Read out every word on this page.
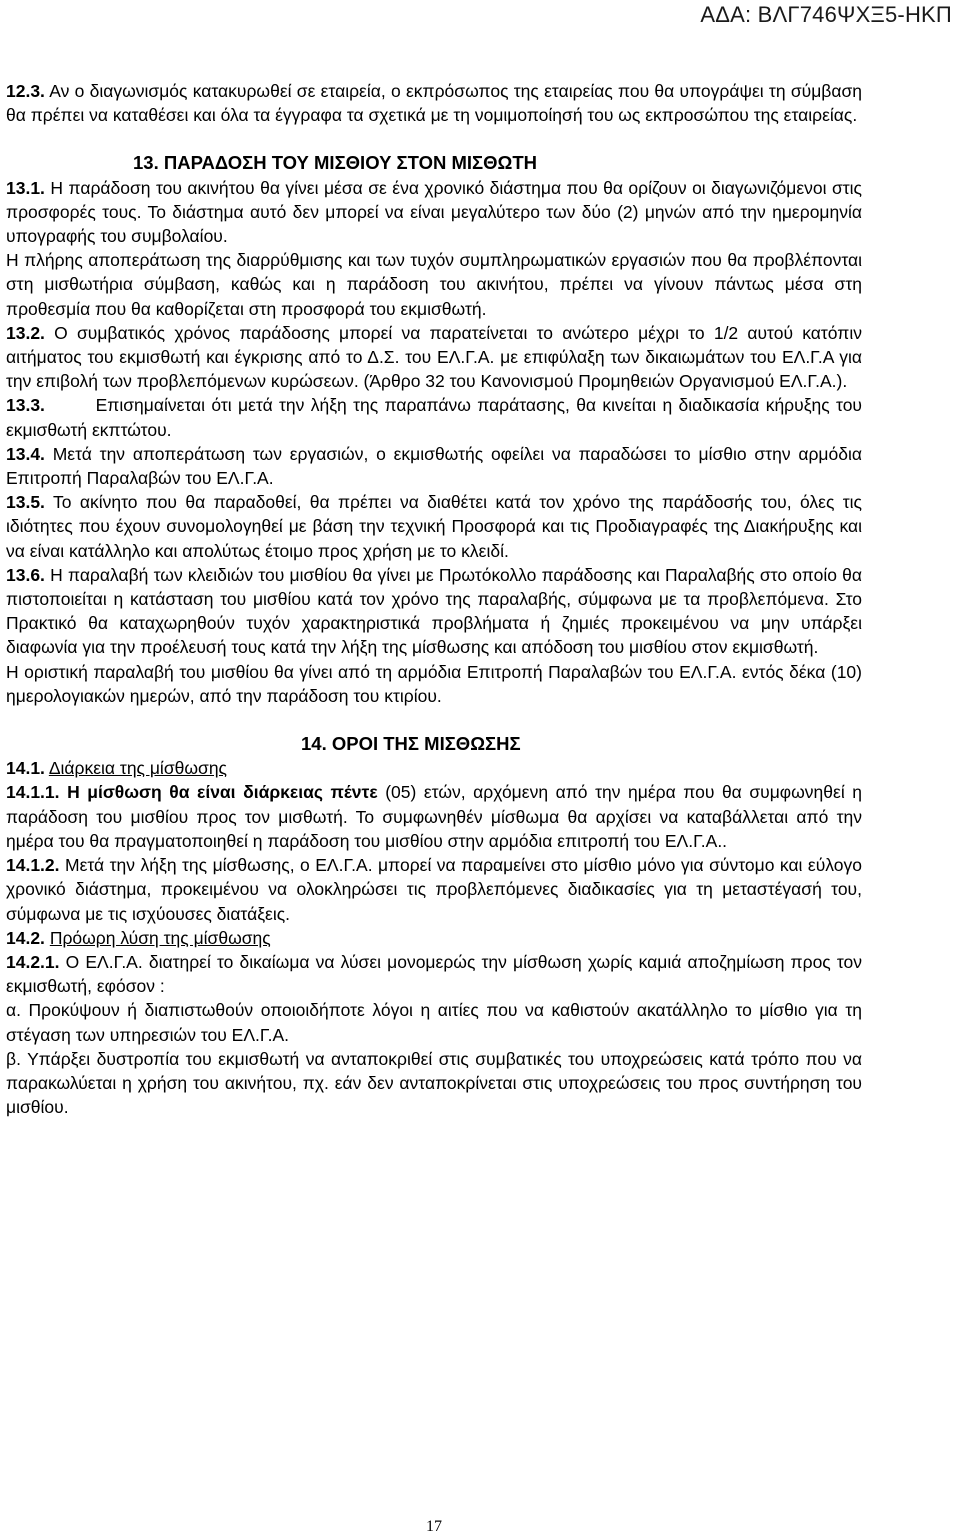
ΑΔΑ: ΒΛΓ746ΨΧΞ5-ΗΚΠ

12.3. Αν ο διαγωνισμός κατακυρωθεί σε εταιρεία, ο εκπρόσωπος της εταιρείας που θα υπογράψει τη σύμβαση θα πρέπει να καταθέσει και όλα τα έγγραφα τα σχετικά με τη νομιμοποίησή του ως εκπροσώπου της εταιρείας.

13. ΠΑΡΑΔΟΣΗ ΤΟΥ ΜΙΣΘΙΟΥ ΣΤΟΝ ΜΙΣΘΩΤΗ

13.1. Η παράδοση του ακινήτου θα γίνει μέσα σε ένα χρονικό διάστημα που θα ορίζουν οι διαγωνιζόμενοι στις προσφορές τους. Το διάστημα αυτό δεν μπορεί να είναι μεγαλύτερο των δύο (2) μηνών από την ημερομηνία υπογραφής του συμβολαίου.

Η πλήρης αποπεράτωση της διαρρύθμισης και των τυχόν συμπληρωματικών εργασιών που θα προβλέπονται στη μισθωτήρια σύμβαση, καθώς και η παράδοση του ακινήτου, πρέπει να γίνουν πάντως μέσα στη προθεσμία που θα καθορίζεται στη προσφορά του εκμισθωτή.

13.2. Ο συμβατικός χρόνος παράδοσης μπορεί να παρατείνεται το ανώτερο μέχρι το 1/2 αυτού κατόπιν αιτήματος του εκμισθωτή και έγκρισης από το Δ.Σ. του ΕΛ.Γ.Α. με επιφύλαξη των δικαιωμάτων του ΕΛ.Γ.Α για την επιβολή των προβλεπόμενων κυρώσεων. (Άρθρο 32 του Κανονισμού Προμηθειών Οργανισμού ΕΛ.Γ.Α.).

13.3.        Επισημαίνεται ότι μετά την λήξη της παραπάνω παράτασης, θα κινείται η διαδικασία κήρυξης του εκμισθωτή εκπτώτου.

13.4. Μετά την αποπεράτωση των εργασιών, ο εκμισθωτής οφείλει να παραδώσει το μίσθιο στην αρμόδια Επιτροπή Παραλαβών του ΕΛ.Γ.Α.

13.5. Το ακίνητο που θα παραδοθεί, θα πρέπει να διαθέτει κατά τον χρόνο της παράδοσής του, όλες τις ιδιότητες που έχουν συνομολογηθεί με βάση την τεχνική Προσφορά και τις Προδιαγραφές της Διακήρυξης και να είναι κατάλληλο και απολύτως έτοιμο προς χρήση με το κλειδί.

13.6. Η παραλαβή των κλειδιών του μισθίου θα γίνει με Πρωτόκολλο παράδοσης και Παραλαβής στο οποίο θα πιστοποιείται η κατάσταση του μισθίου κατά τον χρόνο της παραλαβής, σύμφωνα με τα προβλεπόμενα. Στο Πρακτικό θα καταχωρηθούν τυχόν χαρακτηριστικά προβλήματα ή ζημιές προκειμένου να μην υπάρξει διαφωνία για την προέλευσή τους κατά την λήξη της μίσθωσης και απόδοση του μισθίου στον εκμισθωτή.

Η οριστική παραλαβή του μισθίου θα γίνει από τη αρμόδια Επιτροπή Παραλαβών του ΕΛ.Γ.Α. εντός δέκα (10) ημερολογιακών ημερών, από την παράδοση του κτιρίου.

14. ΟΡΟΙ ΤΗΣ ΜΙΣΘΩΣΗΣ

14.1. Διάρκεια της μίσθωσης

14.1.1. Η μίσθωση θα είναι διάρκειας πέντε (05) ετών, αρχόμενη από την ημέρα που θα συμφωνηθεί η παράδοση του μισθίου προς τον μισθωτή. Το συμφωνηθέν μίσθωμα θα αρχίσει να καταβάλλεται από την ημέρα του θα πραγματοποιηθεί η παράδοση του μισθίου στην αρμόδια επιτροπή του ΕΛ.Γ.Α..

14.1.2. Μετά την λήξη της μίσθωσης, ο ΕΛ.Γ.Α. μπορεί να παραμείνει στο μίσθιο μόνο για σύντομο και εύλογο χρονικό διάστημα, προκειμένου να ολοκληρώσει τις προβλεπόμενες διαδικασίες για τη μεταστέγασή του, σύμφωνα με τις ισχύουσες διατάξεις.

14.2. Πρόωρη λύση της μίσθωσης

14.2.1. Ο ΕΛ.Γ.Α. διατηρεί το δικαίωμα να λύσει μονομερώς την μίσθωση χωρίς καμιά αποζημίωση προς τον εκμισθωτή, εφόσον :

α. Προκύψουν ή διαπιστωθούν οποιοιδήποτε λόγοι η αιτίες που να καθιστούν ακατάλληλο το μίσθιο για τη στέγαση των υπηρεσιών του ΕΛ.Γ.Α.

β. Υπάρξει δυστροπία του εκμισθωτή να ανταποκριθεί στις συμβατικές του υποχρεώσεις κατά τρόπο που να παρακωλύεται η χρήση του ακινήτου, πχ. εάν δεν ανταποκρίνεται στις υποχρεώσεις του προς συντήρηση του μισθίου.

17
